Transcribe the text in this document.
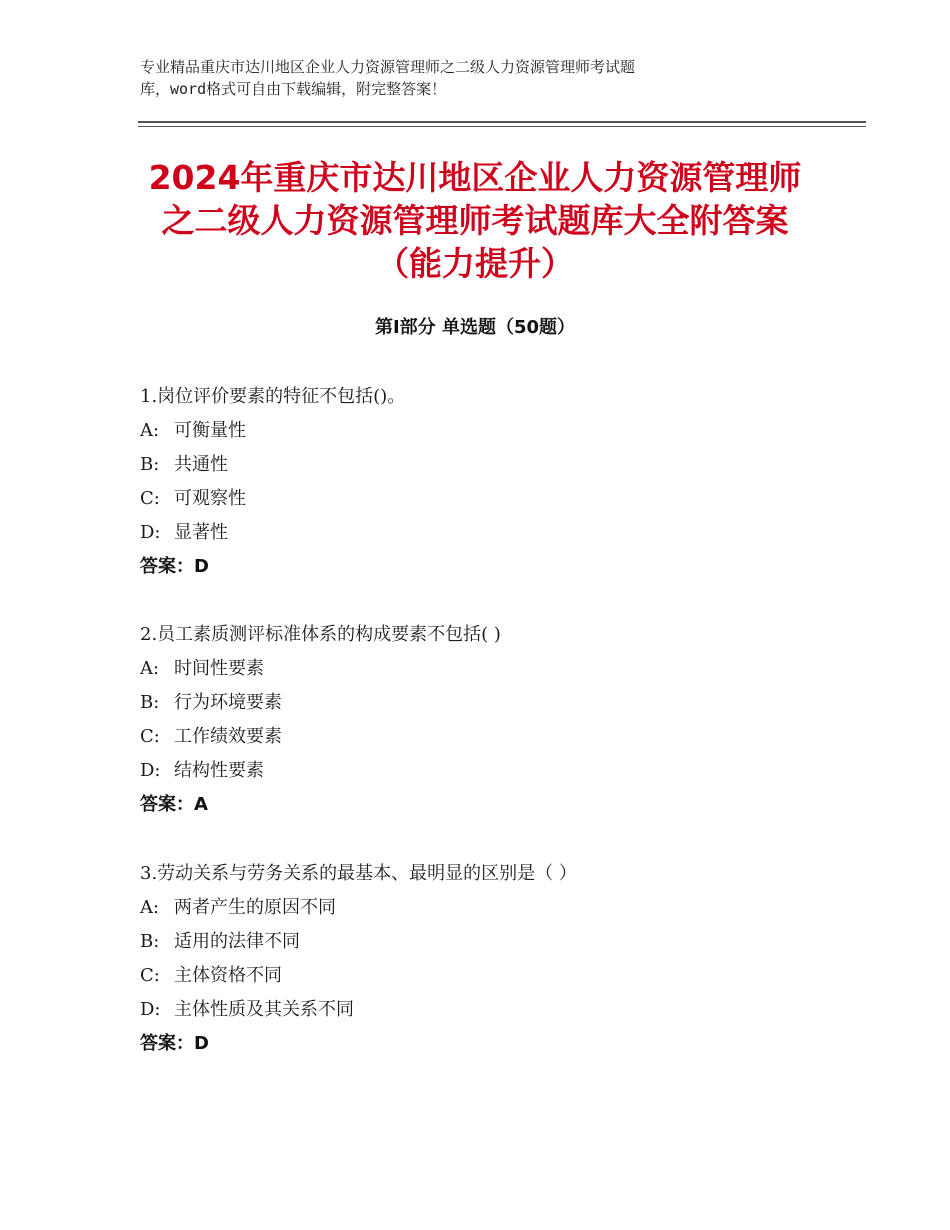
专业精品重庆市达川地区企业人力资源管理师之二级人力资源管理师考试题
库，word格式可自由下载编辑，附完整答案！
2024年重庆市达川地区企业人力资源管理师
之二级人力资源管理师考试题库大全附答案
（能力提升）
第Ⅰ部分 单选题（50题）
1.岗位评价要素的特征不包括()。
A: 可衡量性
B: 共通性
C: 可观察性
D: 显著性
答案：D
2.员工素质测评标准体系的构成要素不包括( )
A: 时间性要素
B: 行为环境要素
C: 工作绩效要素
D: 结构性要素
答案：A
3.劳动关系与劳务关系的最基本、最明显的区别是（ ）
A: 两者产生的原因不同
B: 适用的法律不同
C: 主体资格不同
D: 主体性质及其关系不同
答案：D
